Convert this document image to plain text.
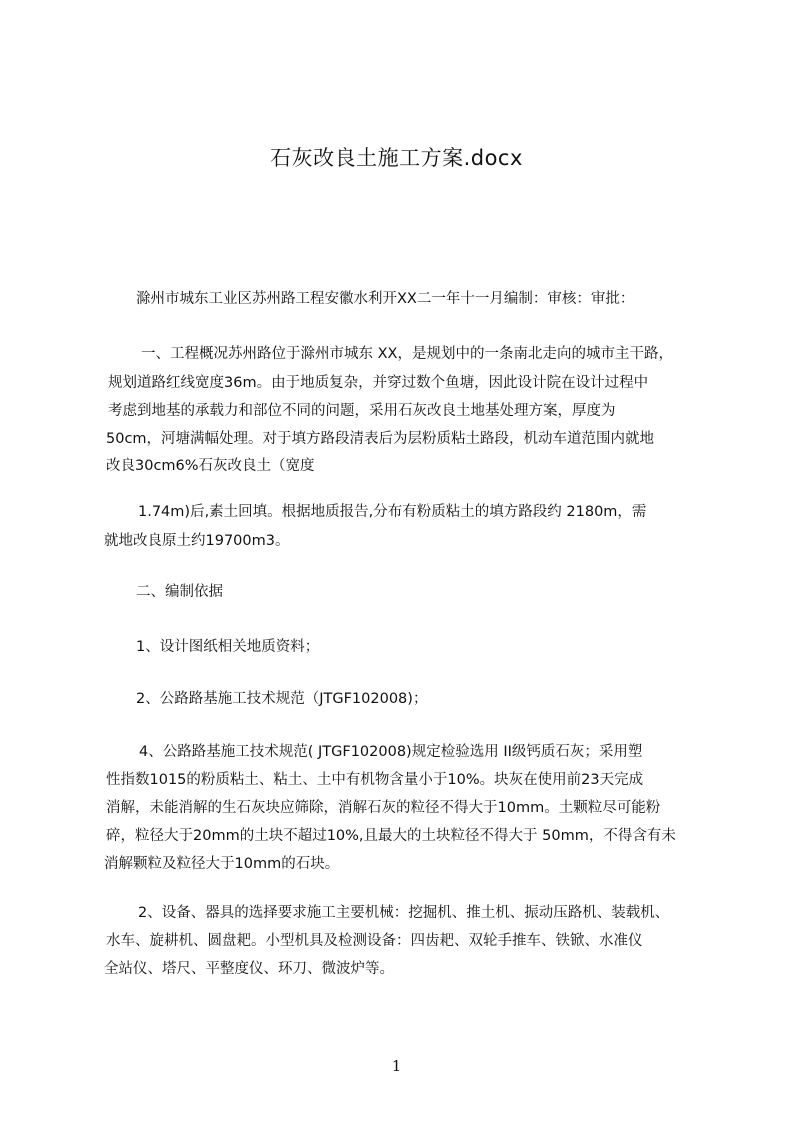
石灰改良土施工方案.docx
滁州市城东工业区苏州路工程安徽水利开XX二一年十一月编制：审核：审批：
一、工程概况苏州路位于滁州市城东 XX，是规划中的一条南北走向的城市主干路，
规划道路红线宽度36m。由于地质复杂，并穿过数个鱼塘，因此设计院在设计过程中
考虑到地基的承载力和部位不同的问题，采用石灰改良土地基处理方案，厚度为
50cm，河塘满幅处理。对于填方路段清表后为层粉质粘土路段，机动车道范围内就地
改良30cm6%石灰改良土（宽度
1.74m)后,素土回填。根据地质报告,分布有粉质粘土的填方路段约 2180m，需
就地改良原土约19700m3。
二、编制依据
1、设计图纸相关地质资料；
2、公路路基施工技术规范（JTGF102008)；
4、公路路基施工技术规范( JTGF102008)规定检验选用 II级钙质石灰；采用塑
性指数1015的粉质粘土、粘土、土中有机物含量小于10%。块灰在使用前23天完成
消解，未能消解的生石灰块应筛除，消解石灰的粒径不得大于10mm。土颗粒尽可能粉
碎，粒径大于20mm的土块不超过10%,且最大的土块粒径不得大于 50mm，不得含有未
消解颗粒及粒径大于10mm的石块。
2、设备、器具的选择要求施工主要机械：挖掘机、推土机、振动压路机、装载机、
水车、旋耕机、圆盘耙。小型机具及检测设备：四齿耙、双轮手推车、铁锨、水准仪
全站仪、塔尺、平整度仪、环刀、微波炉等。
1
